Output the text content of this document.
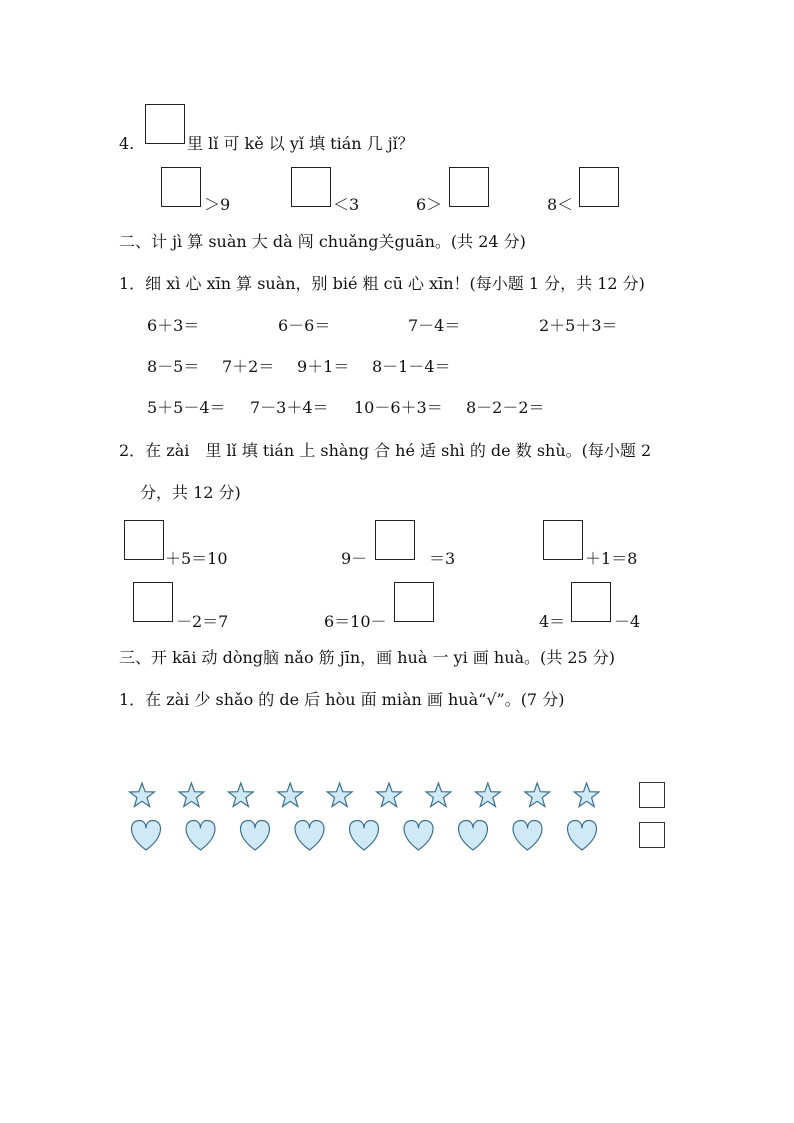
4.	里 lǐ 可 kě 以 yǐ 填 tián 几 jǐ？
＞9	＜3	6＞	8＜
二、计 jì 算 suàn 大 dà 闯 chuǎng关guān。(共 24 分)
1．细 xì 心 xīn 算 suàn，别 bié 粗 cū 心 xīn！(每小题 1 分，共 12 分)
6＋3＝	6－6＝	7－4＝	2＋5＋3＝
8－5＝ 7＋2＝ 9＋1＝ 8－1－4＝
5＋5－4＝ 7－3＋4＝ 10－6＋3＝ 8－2－2＝
2．在 zài　里 lǐ 填 tián 上 shàng 合 hé 适 shì 的 de 数 shù。(每小题 2
分，共 12 分)
＋5＝10	9－	＝3	＋1＝8
－2＝7	6＝10－	4＝	－4
三、开 kāi 动 dòng脑 nǎo 筋 jīn，画 huà 一 yi 画 huà。(共 25 分)
1．在 zài 少 shǎo 的 de 后 hòu 面 miàn 画 huà“√”。(7 分)
